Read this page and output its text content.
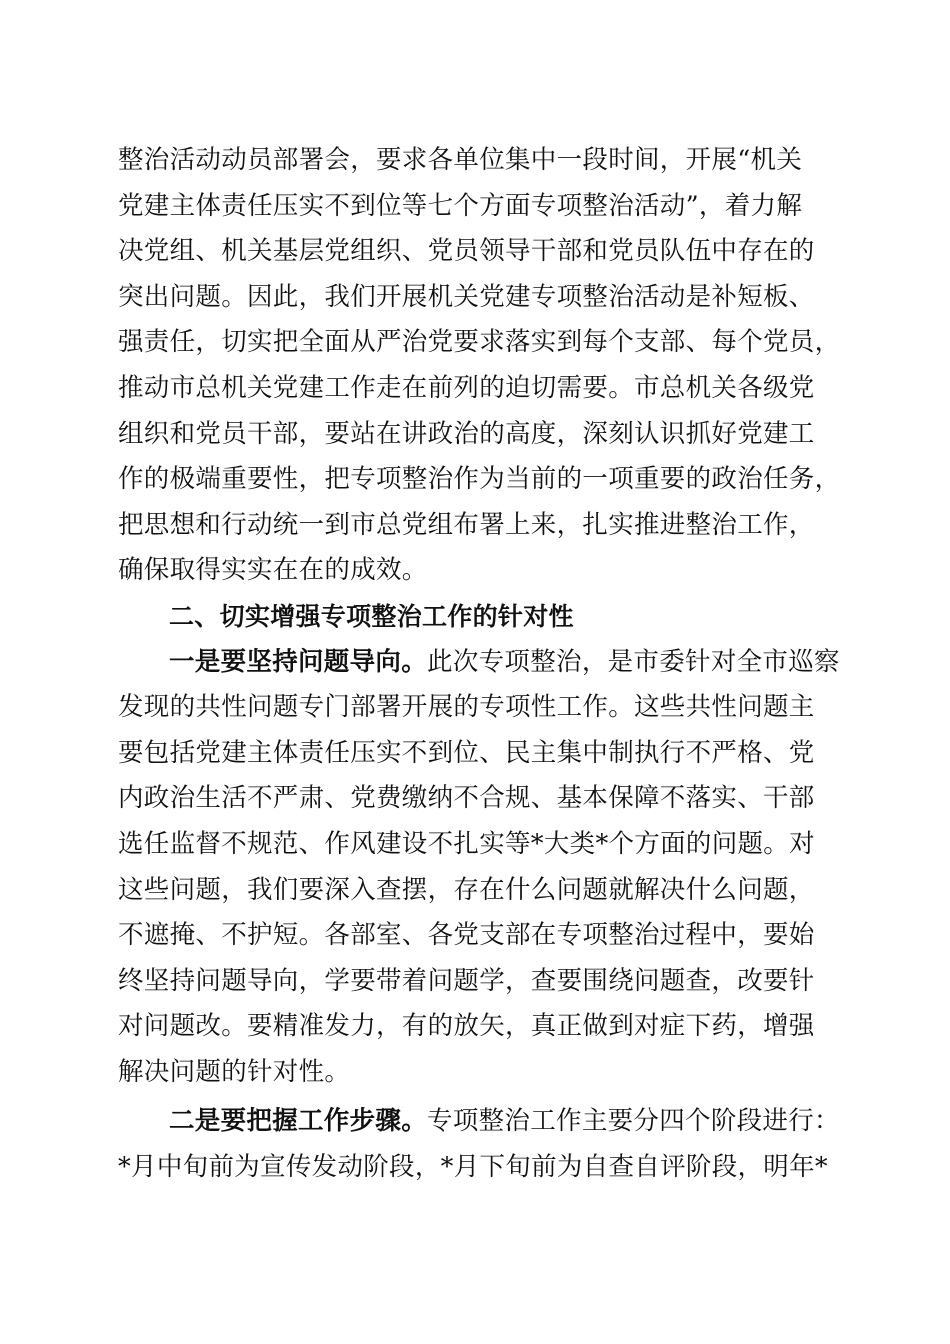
整治活动动员部署会，要求各单位集中一段时间，开展“机关
党建主体责任压实不到位等七个方面专项整治活动”，着力解
决党组、机关基层党组织、党员领导干部和党员队伍中存在的
突出问题。因此，我们开展机关党建专项整治活动是补短板、
强责任，切实把全面从严治党要求落实到每个支部、每个党员，
推动市总机关党建工作走在前列的迫切需要。市总机关各级党
组织和党员干部，要站在讲政治的高度，深刻认识抓好党建工
作的极端重要性，把专项整治作为当前的一项重要的政治任务，
把思想和行动统一到市总党组布署上来，扎实推进整治工作，
确保取得实实在在的成效。
二、切实增强专项整治工作的针对性
一是要坚持问题导向。此次专项整治，是市委针对全市巡察
发现的共性问题专门部署开展的专项性工作。这些共性问题主
要包括党建主体责任压实不到位、民主集中制执行不严格、党
内政治生活不严肃、党费缴纳不合规、基本保障不落实、干部
选任监督不规范、作风建设不扎实等*大类*个方面的问题。对
这些问题，我们要深入查摆，存在什么问题就解决什么问题，
不遮掩、不护短。各部室、各党支部在专项整治过程中，要始
终坚持问题导向，学要带着问题学，查要围绕问题查，改要针
对问题改。要精准发力，有的放矢，真正做到对症下药，增强
解决问题的针对性。
二是要把握工作步骤。专项整治工作主要分四个阶段进行：
*月中旬前为宣传发动阶段，*月下旬前为自查自评阶段，明年*
